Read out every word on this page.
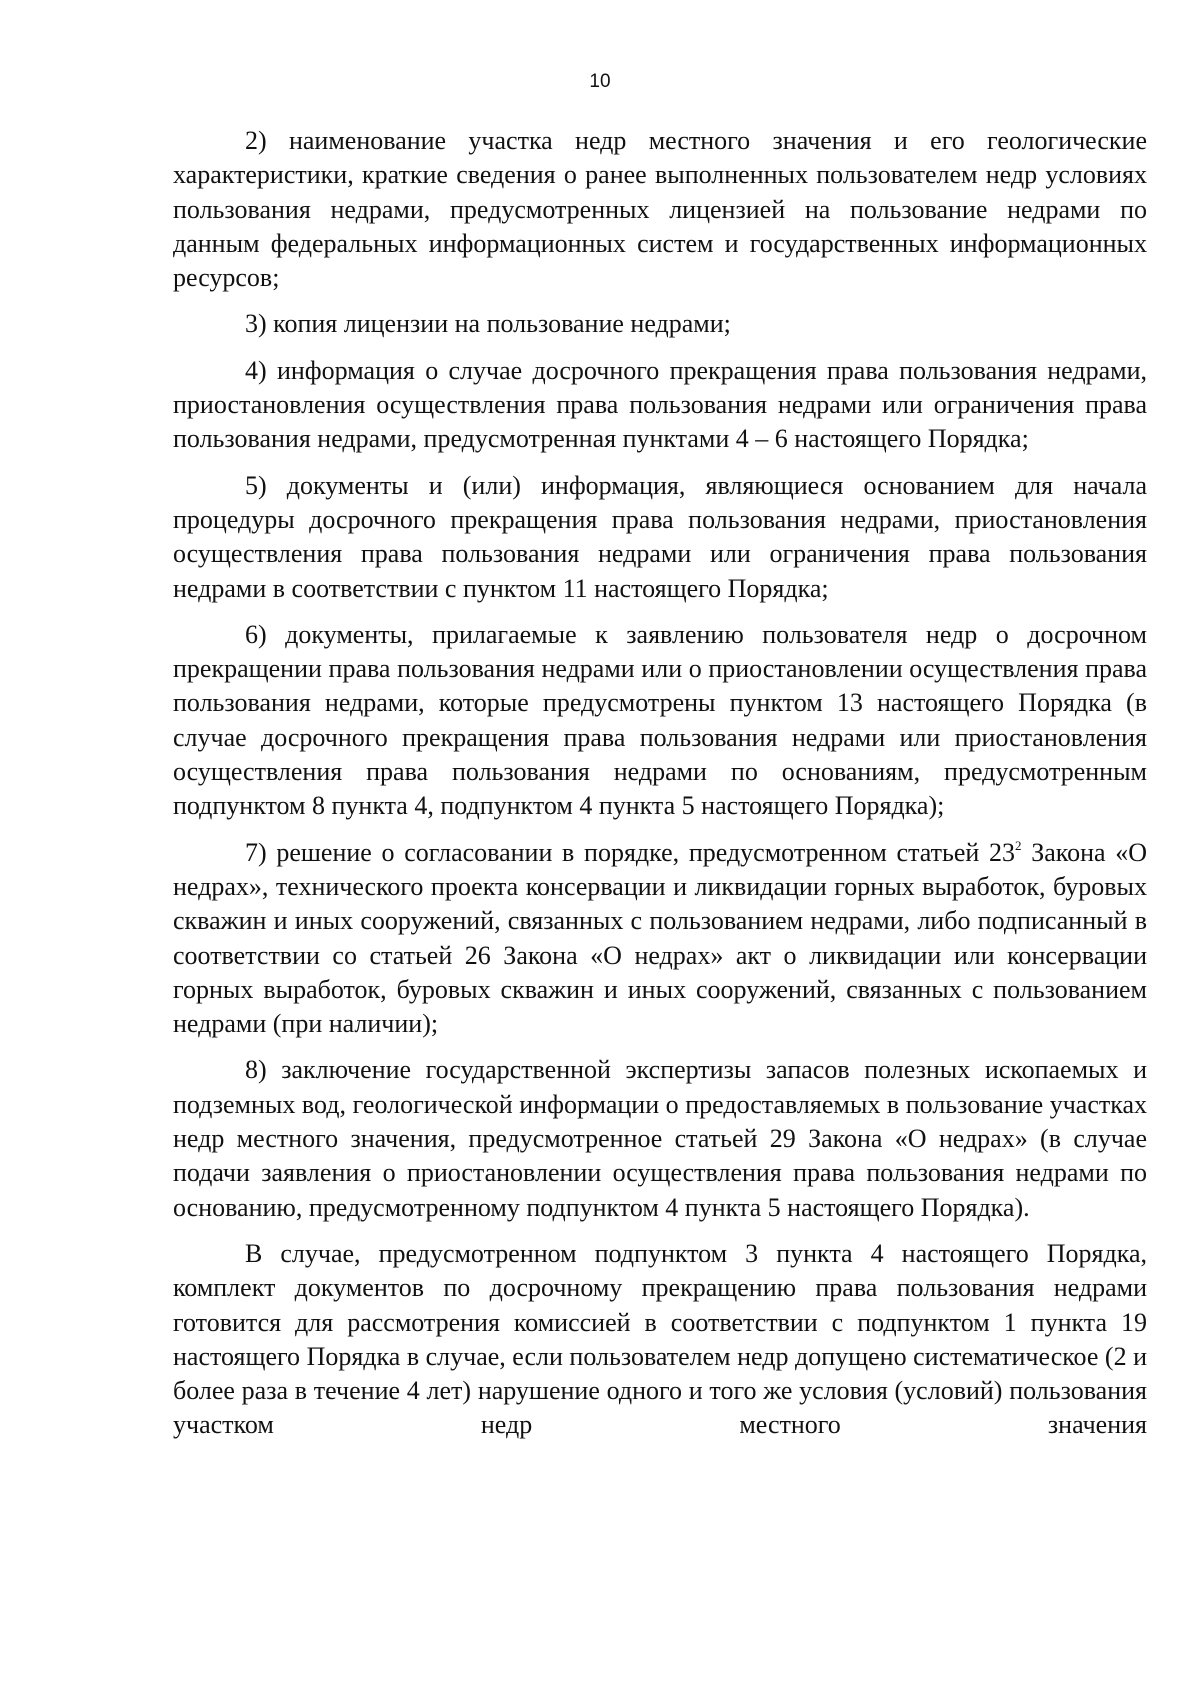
10

2) наименование участка недр местного значения и его геологические характеристики, краткие сведения о ранее выполненных пользователем недр условиях пользования недрами, предусмотренных лицензией на пользование недрами по данным федеральных информационных систем и государственных информационных ресурсов;

3) копия лицензии на пользование недрами;

4) информация о случае досрочного прекращения права пользования недрами, приостановления осуществления права пользования недрами или ограничения права пользования недрами, предусмотренная пунктами 4 – 6 настоящего Порядка;

5) документы и (или) информация, являющиеся основанием для начала процедуры досрочного прекращения права пользования недрами, приостановления осуществления права пользования недрами или ограничения права пользования недрами в соответствии с пунктом 11 настоящего Порядка;

6) документы, прилагаемые к заявлению пользователя недр о досрочном прекращении права пользования недрами или о приостановлении осуществления права пользования недрами, которые предусмотрены пунктом 13 настоящего Порядка (в случае досрочного прекращения права пользования недрами или приостановления осуществления права пользования недрами по основаниям, предусмотренным подпунктом 8 пункта 4, подпунктом 4 пункта 5 настоящего Порядка);

7) решение о согласовании в порядке, предусмотренном статьей $23^2$ Закона «О недрах», технического проекта консервации и ликвидации горных выработок, буровых скважин и иных сооружений, связанных с пользованием недрами, либо подписанный в соответствии со статьей 26 Закона «О недрах» акт о ликвидации или консервации горных выработок, буровых скважин и иных сооружений, связанных с пользованием недрами (при наличии);

8) заключение государственной экспертизы запасов полезных ископаемых и подземных вод, геологической информации о предоставляемых в пользование участках недр местного значения, предусмотренное статьей 29 Закона «О недрах» (в случае подачи заявления о приостановлении осуществления права пользования недрами по основанию, предусмотренному подпунктом 4 пункта 5 настоящего Порядка).

В случае, предусмотренном подпунктом 3 пункта 4 настоящего Порядка, комплект документов по досрочному прекращению права пользования недрами готовится для рассмотрения комиссией в соответствии с подпунктом 1 пункта 19 настоящего Порядка в случае, если пользователем недр допущено систематическое (2 и более раза в течение 4 лет) нарушение одного и того же условия (условий) пользования участком недр местного значения
